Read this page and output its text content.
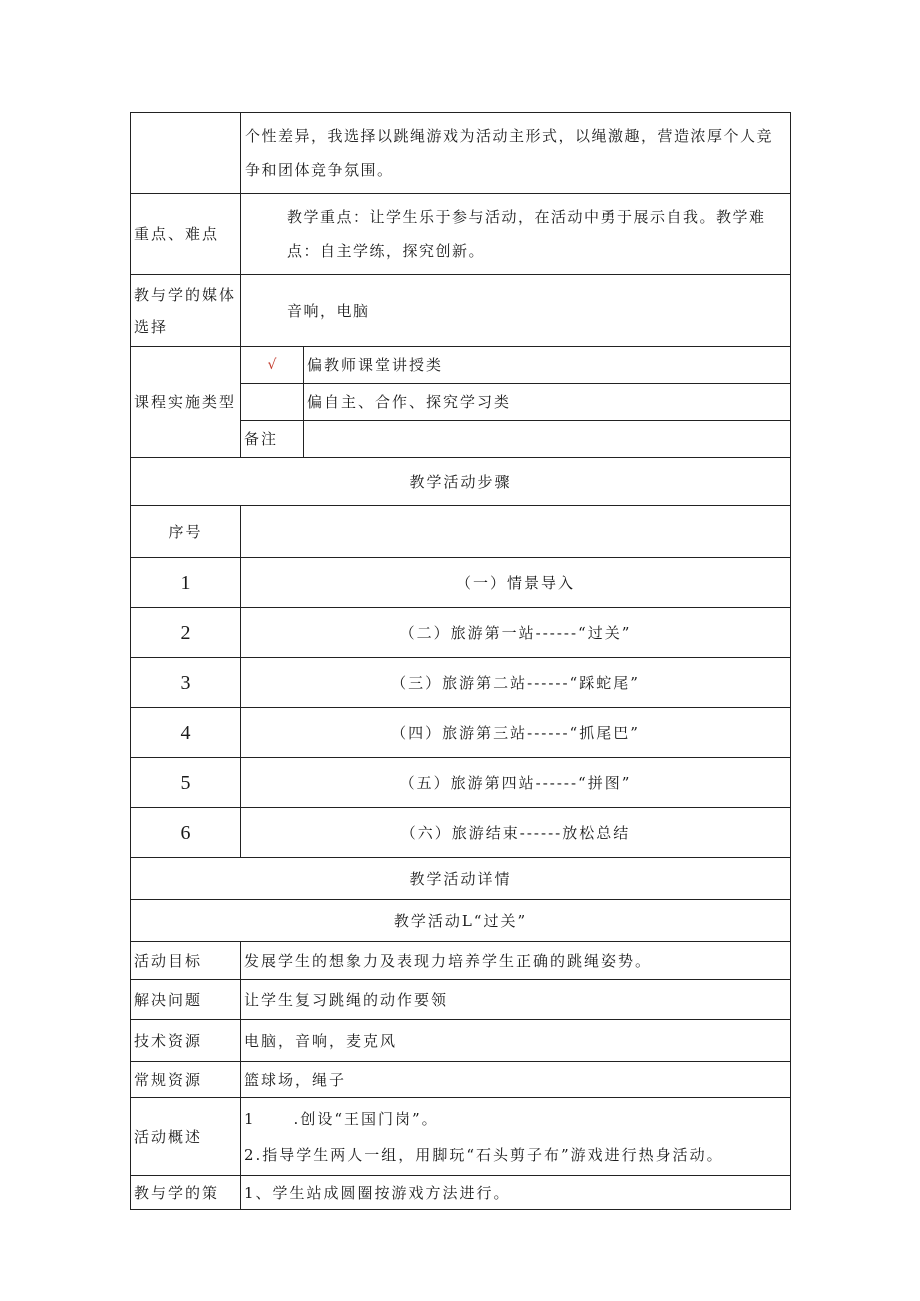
	个性差异，我选择以跳绳游戏为活动主形式，以绳激趣，营造浓厚个人竞争和团体竞争氛围。	
重点、难点	教学重点：让学生乐于参与活动，在活动中勇于展示自我。教学难点：自主学练，探究创新。	
教与学的媒体选择	音响，电脑	
课程实施类型	√	偏教师课堂讲授类
		偏自主、合作、探究学习类
	备注	
教学活动步骤		
序号		
1	（一）情景导入	
2	（二）旅游第一站------“过关”	
3	（三）旅游第二站------“踩蛇尾”	
4	（四）旅游第三站------“抓尾巴”	
5	（五）旅游第四站------“拼图”	
6	（六）旅游结束------放松总结	
教学活动详情		
教学活动L“过关”		
活动目标	发展学生的想象力及表现力培养学生正确的跳绳姿势。	
解决问题	让学生复习跳绳的动作要领	
技术资源	电脑，音响，麦克风	
常规资源	篮球场，绳子	
活动概述	1 .创设“王国门岗”。
2.指导学生两人一组，用脚玩“石头剪子布”游戏进行热身活动。	

教与学的策	1、学生站成圆圈按游戏方法进行。	
